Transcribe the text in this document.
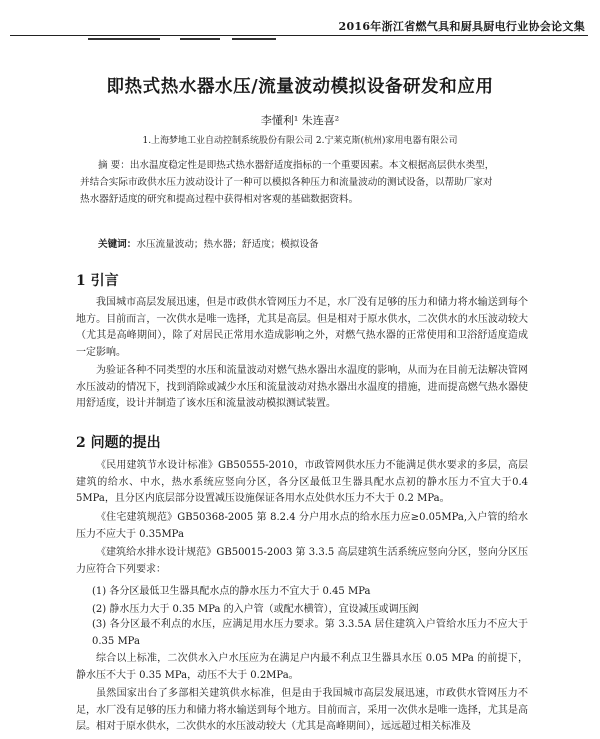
2016年浙江省燃气具和厨具厨电行业协会论文集
即热式热水器水压/流量波动模拟设备研发和应用
李懂利¹ 朱连喜²
1.上海梦地工业自动控制系统股份有限公司 2.宁莱克斯(杭州)家用电器有限公司
摘 要：出水温度稳定性是即热式热水器舒适度指标的一个重要因素。本文根据高层供水类型，并结合实际市政供水压力波动设计了一种可以模拟各种压力和流量波动的测试设备，以帮助厂家对热水器舒适度的研究和提高过程中获得相对客观的基础数据资料。
关键词：水压流量波动；热水器；舒适度；模拟设备
1 引言
我国城市高层发展迅速，但是市政供水管网压力不足，水厂没有足够的压力和储力将水输送到每个地方。目前而言，一次供水是唯一选择，尤其是高层。但是相对于原水供水，二次供水的水压波动较大（尤其是高峰期间），除了对居民正常用水造成影响之外，对燃气热水器的正常使用和卫浴舒适度造成一定影响。
为验证各种不同类型的水压和流量波动对燃气热水器出水温度的影响，从而为在目前无法解决管网水压波动的情况下，找到消除或减少水压和流量波动对热水器出水温度的措施，进而提高燃气热水器使用舒适度，设计并制造了该水压和流量波动模拟测试装置。
2 问题的提出
《民用建筑节水设计标准》GB50555-2010，市政管网供水压力不能满足供水要求的多层，高层建筑的给水、中水，热水系统应竖向分区，各分区最低卫生器具配水点初的静水压力不宜大于0.4 5MPa，且分区内底层部分设置减压设施保证各用水点处供水压力不大于 0.2 MPa。
《住宅建筑规范》GB50368-2005 第 8.2.4 分户用水点的给水压力应≥0.05MPa,入户管的给水压力不应大于 0.35MPa
《建筑给水排水设计规范》GB50015-2003 第 3.3.5 高层建筑生活系统应竖向分区，竖向分区压力应符合下列要求：
(1) 各分区最低卫生器具配水点的静水压力不宜大于 0.45 MPa
(2) 静水压力大于 0.35 MPa 的入户管（或配水横管），宜设减压或调压阀
(3) 各分区最不利点的水压，应满足用水压力要求。第 3.3.5A 居住建筑入户管给水压力不应大于 0.35 MPa
综合以上标准，二次供水入户水压应为在满足户内最不利点卫生器具水压 0.05 MPa 的前提下，静水压不大于 0.35 MPa，动压不大于 0.2MPa。
虽然国家出台了多部相关建筑供水标准，但是由于我国城市高层发展迅速，市政供水管网压力不足，水厂没有足够的压力和储力将水输送到每个地方。目前而言，采用一次供水是唯一选择，尤其是高层。相对于原水供水，二次供水的水压波动较大（尤其是高峰期间），远远超过相关标准及
